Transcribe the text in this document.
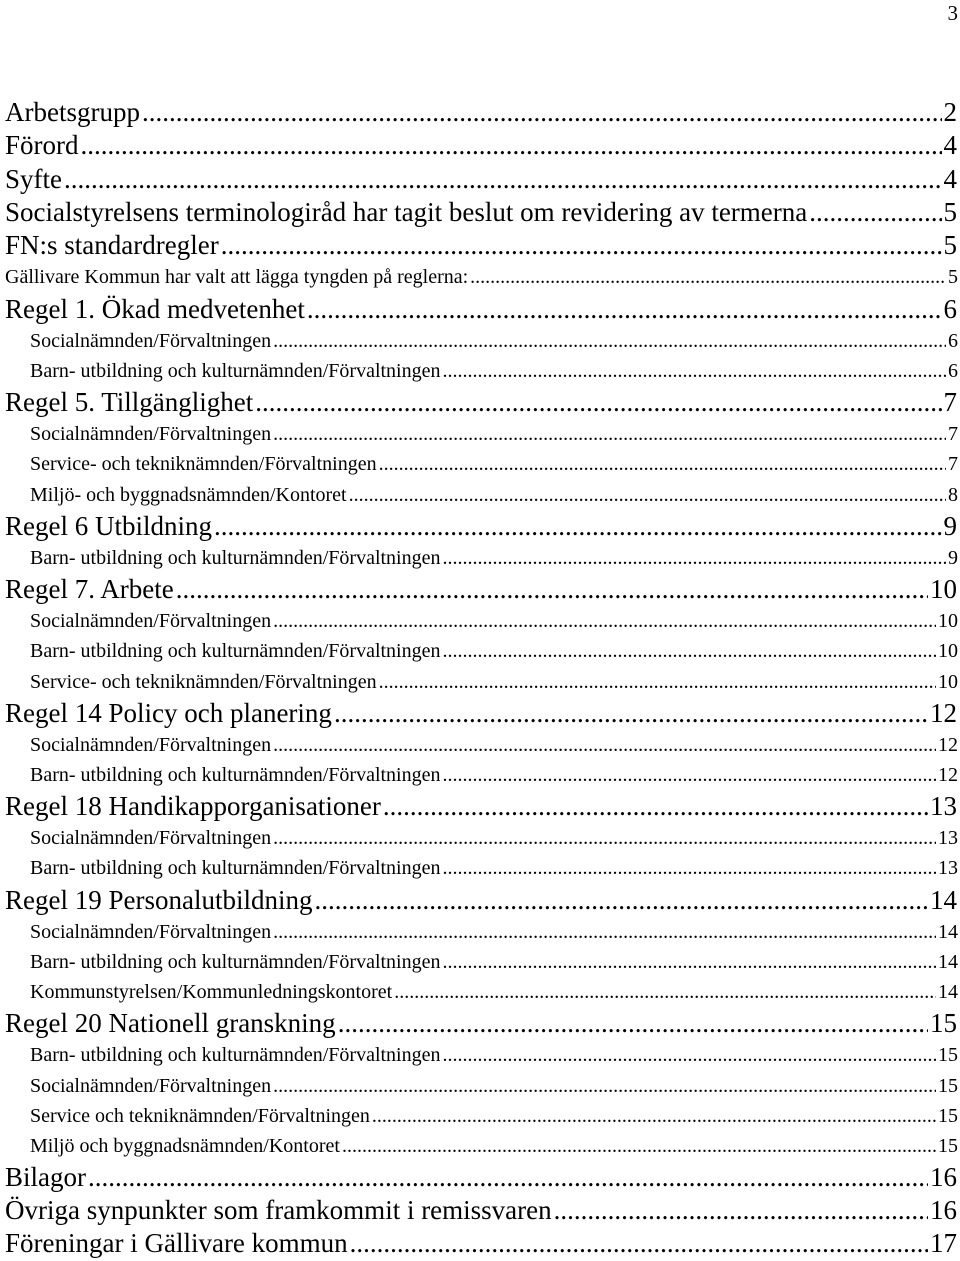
3
Arbetsgrupp .....	2
Förord .....	4
Syfte .....	4
Socialstyrelsens terminologiråd har tagit beslut om revidering av termerna .....	5
FN:s standardregler .....	5
Gällivare Kommun har valt att lägga tyngden på reglerna: .....	5
Regel 1. Ökad medvetenhet .....	6
Socialnämnden/Förvaltningen .....	6
Barn- utbildning och kulturnämnden/Förvaltningen .....	6
Regel 5. Tillgänglighet .....	7
Socialnämnden/Förvaltningen .....	7
Service- och tekniknämnden/Förvaltningen .....	7
Miljö- och byggnadsnämnden/Kontoret .....	8
Regel 6 Utbildning .....	9
Barn- utbildning och kulturnämnden/Förvaltningen .....	9
Regel 7. Arbete .....	10
Socialnämnden/Förvaltningen .....	10
Barn- utbildning och kulturnämnden/Förvaltningen .....	10
Service- och tekniknämnden/Förvaltningen .....	10
Regel 14 Policy och planering .....	12
Socialnämnden/Förvaltningen .....	12
Barn- utbildning och kulturnämnden/Förvaltningen .....	12
Regel 18 Handikapporganisationer .....	13
Socialnämnden/Förvaltningen .....	13
Barn- utbildning och kulturnämnden/Förvaltningen .....	13
Regel 19 Personalutbildning .....	14
Socialnämnden/Förvaltningen .....	14
Barn- utbildning och kulturnämnden/Förvaltningen .....	14
Kommunstyrelsen/Kommunledningskontoret .....	14
Regel 20 Nationell granskning .....	15
Barn- utbildning och kulturnämnden/Förvaltningen .....	15
Socialnämnden/Förvaltningen .....	15
Service och tekniknämnden/Förvaltningen .....	15
Miljö och byggnadsnämnden/Kontoret .....	15
Bilagor .....	16
Övriga synpunkter som framkommit i remissvaren .....	16
Föreningar i Gällivare kommun .....	17
